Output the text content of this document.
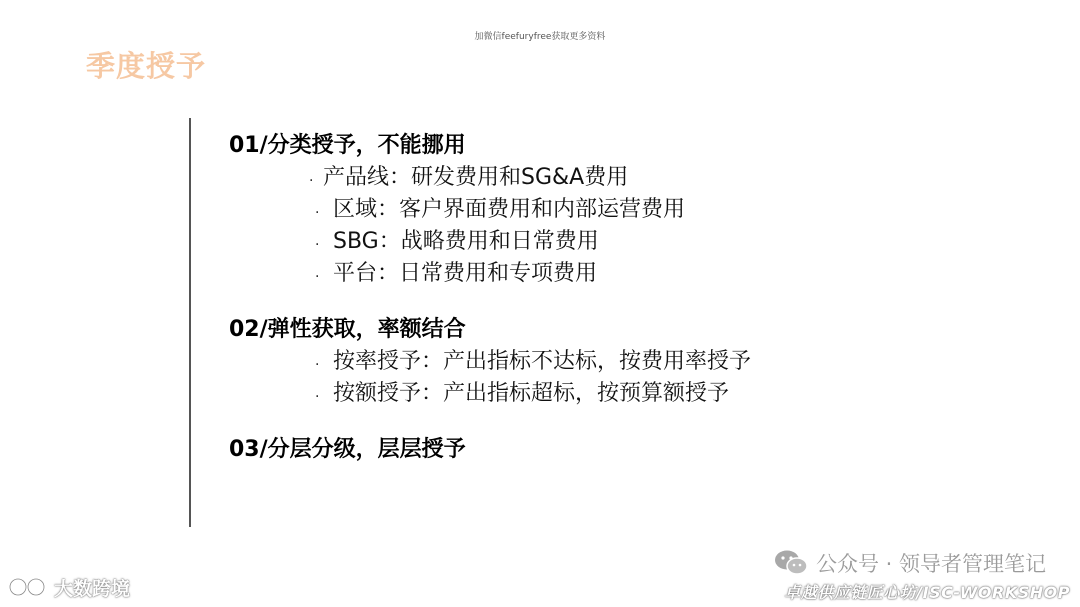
加微信feefuryfree获取更多资料
季度授予
01/分类授予，不能挪用
· 产品线：研发费用和SG&A费用
· 区域：客户界面费用和内部运营费用
· SBG：战略费用和日常费用
· 平台：日常费用和专项费用
02/弹性获取，率额结合
· 按率授予：产出指标不达标，按费用率授予
· 按额授予：产出指标超标，按预算额授予
03/分层分级，层层授予
公众号 · 领导者管理笔记
大数跨境	卓越供应链匠心坊/ISC-WORKSHOP
